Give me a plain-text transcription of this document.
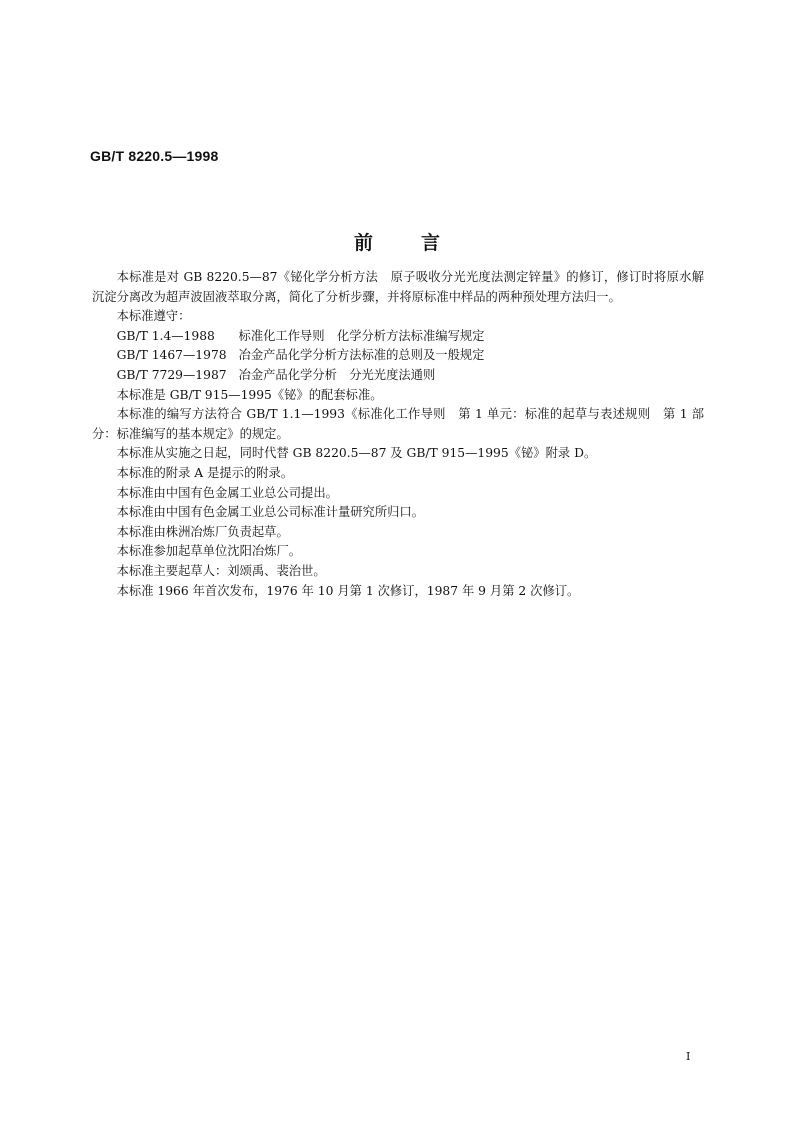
GB/T 8220.5—1998
前言

本标准是对 GB 8220.5—87《铋化学分析方法　原子吸收分光光度法测定锌量》的修订，修订时将原水解沉淀分离改为超声波固液萃取分离，简化了分析步骤，并将原标准中样品的两种预处理方法归一。

本标准遵守：

GB/T 1.4—1988 标准化工作导则　化学分析方法标准编写规定

GB/T 1467—1978 冶金产品化学分析方法标准的总则及一般规定

GB/T 7729—1987 冶金产品化学分析　分光光度法通则

本标准是 GB/T 915—1995《铋》的配套标准。

本标准的编写方法符合 GB/T 1.1—1993《标准化工作导则　第 1 单元：标准的起草与表述规则　第 1 部分：标准编写的基本规定》的规定。

本标准从实施之日起，同时代替 GB 8220.5—87 及 GB/T 915—1995《铋》附录 D。

本标准的附录 A 是提示的附录。

本标准由中国有色金属工业总公司提出。

本标准由中国有色金属工业总公司标准计量研究所归口。

本标准由株洲冶炼厂负责起草。

本标准参加起草单位沈阳冶炼厂。

本标准主要起草人：刘颂禹、裴治世。

本标准 1966 年首次发布，1976 年 10 月第 1 次修订，1987 年 9 月第 2 次修订。

I
